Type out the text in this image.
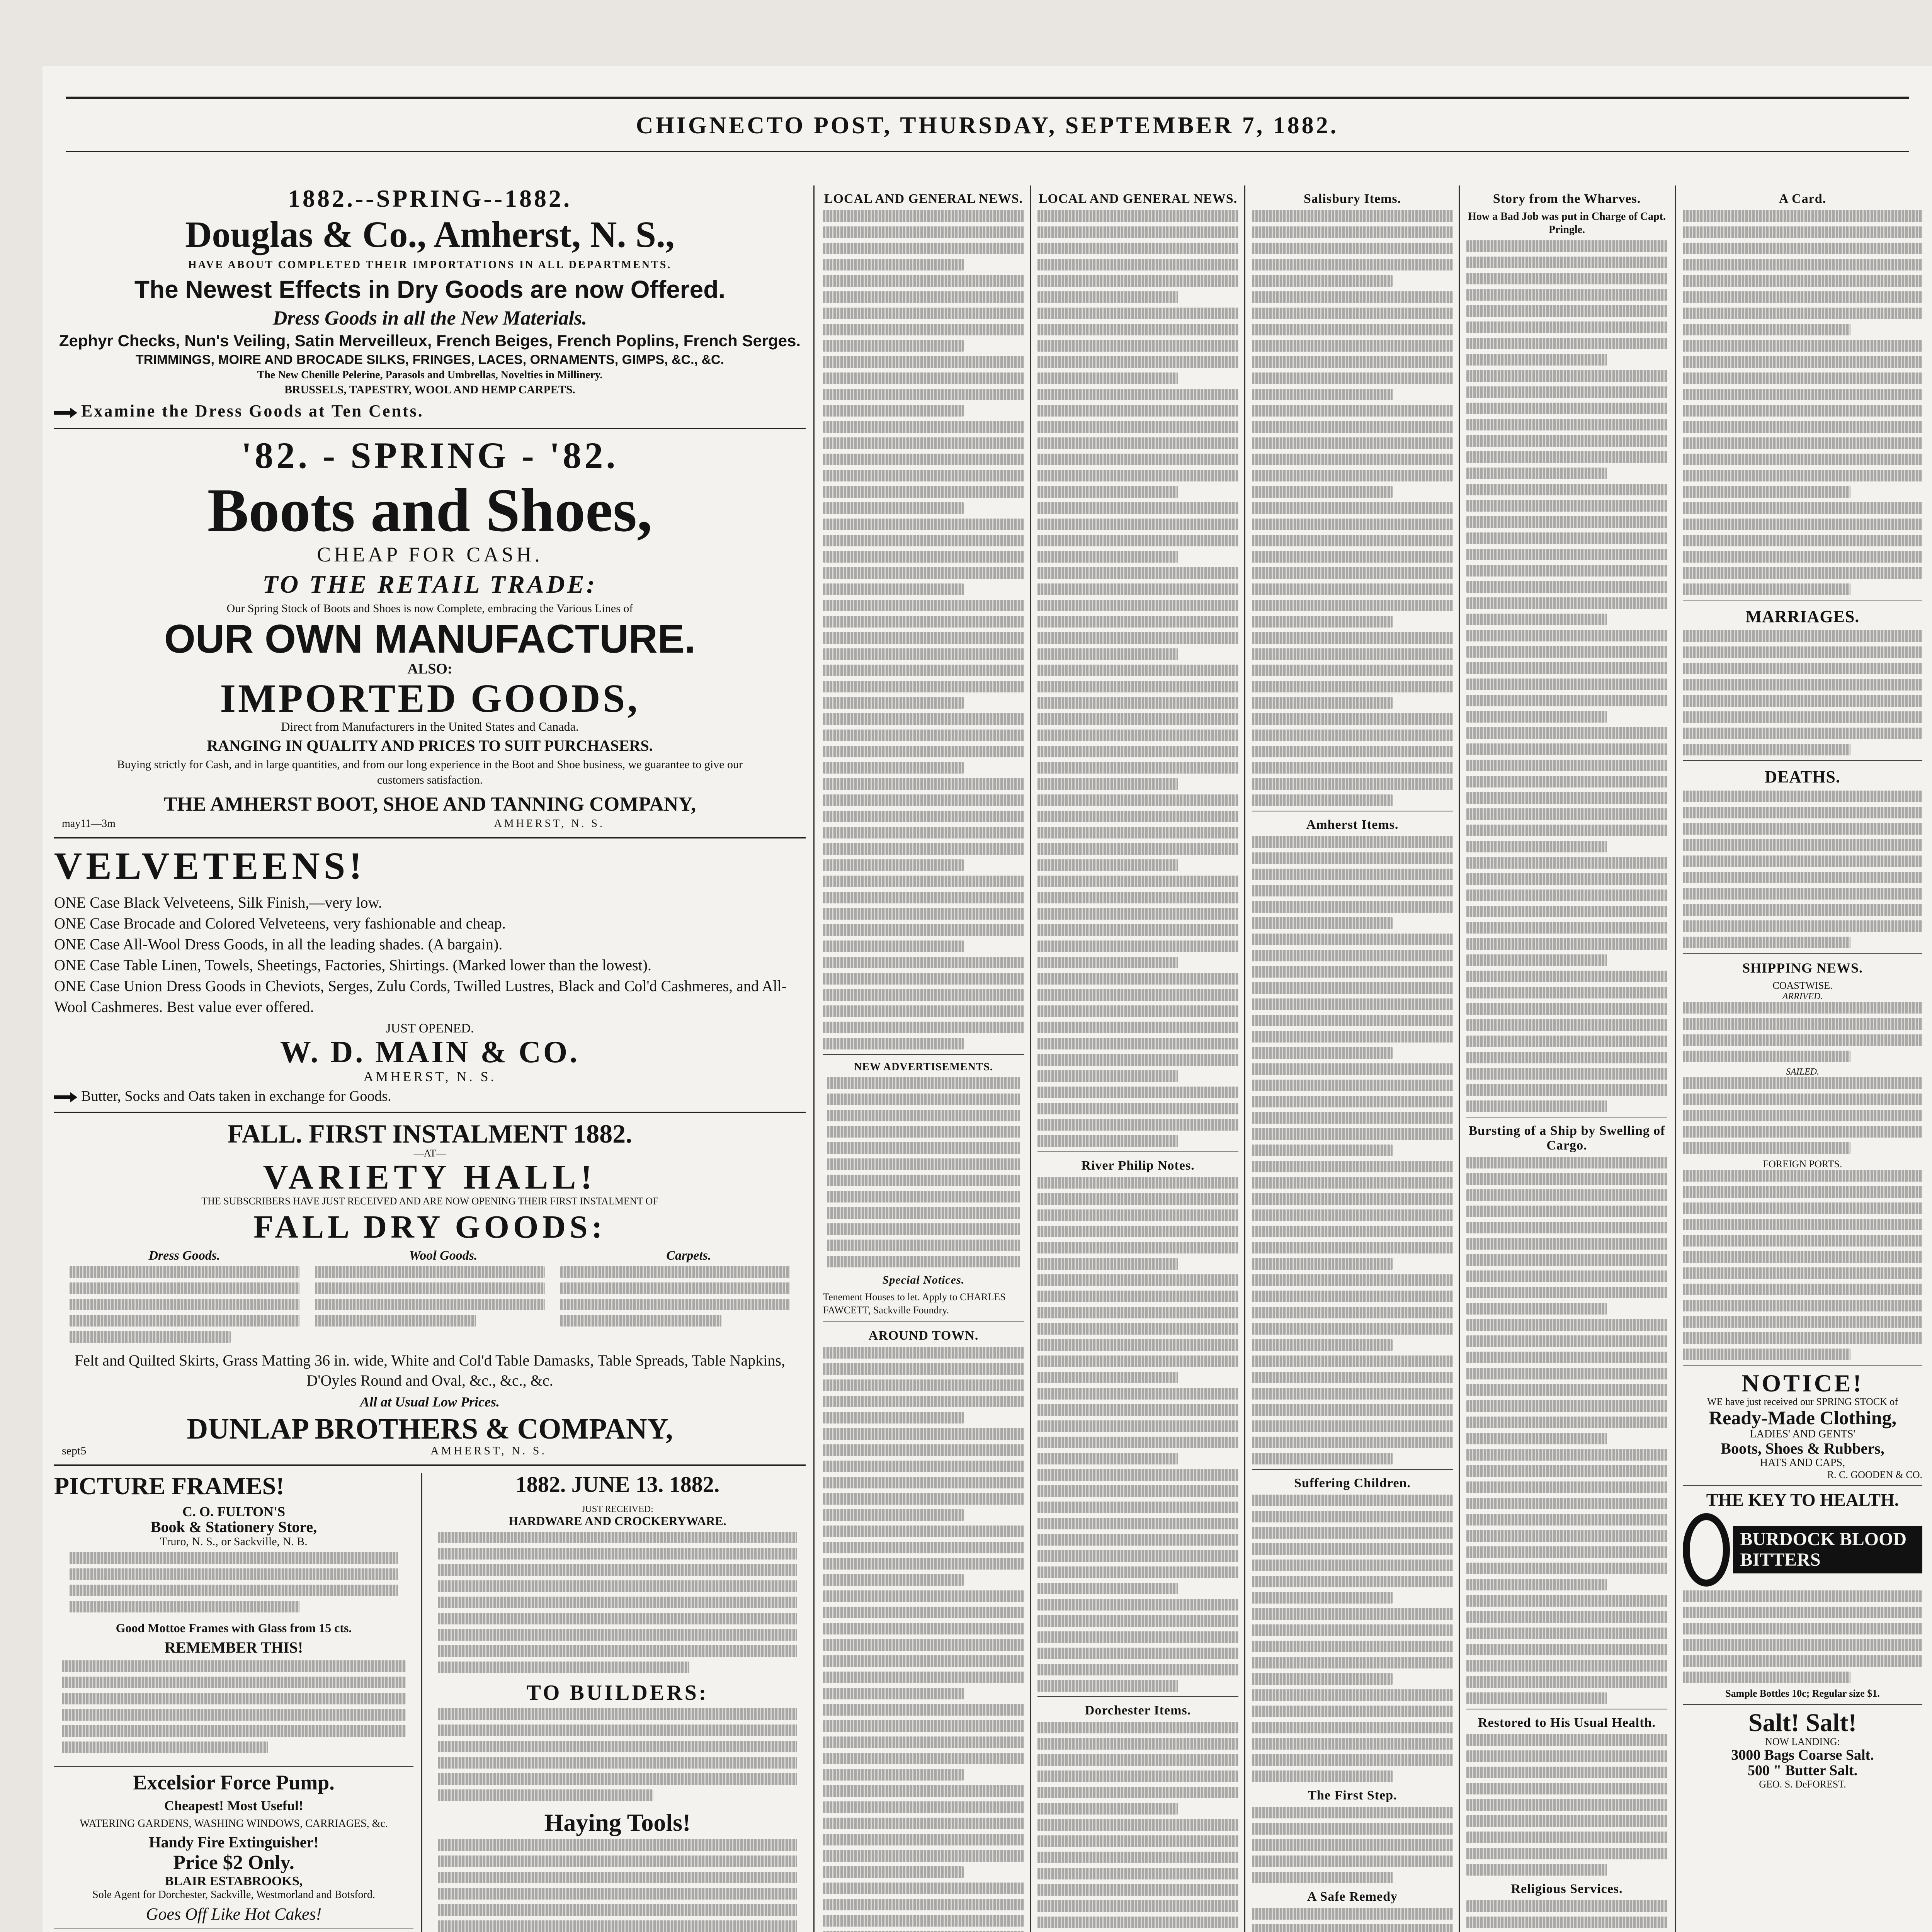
CHIGNECTO POST, THURSDAY, SEPTEMBER 7, 1882.
1882.--SPRING--1882.
Douglas & Co., Amherst, N. S.,
HAVE ABOUT COMPLETED THEIR IMPORTATIONS IN ALL DEPARTMENTS.
The Newest Effects in Dry Goods are now Offered.
Dress Goods in all the New Materials.
Zephyr Checks, Nun's Veiling, Satin Merveilleux, French Beiges, French Poplins, French Serges.
TRIMMINGS, MOIRE AND BROCADE SILKS, FRINGES, LACES, ORNAMENTS, GIMPS, &C., &C.
The New Chenille Pelerine, Parasols and Umbrellas, Novelties in Millinery.
BRUSSELS, TAPESTRY, WOOL AND HEMP CARPETS.
Examine the Dress Goods at Ten Cents.
'82. - SPRING - '82.
Boots and Shoes,
CHEAP FOR CASH.
TO THE RETAIL TRADE:
Our Spring Stock of Boots and Shoes is now Complete, embracing the Various Lines of
OUR OWN MANUFACTURE.
ALSO:
IMPORTED GOODS,
Direct from Manufacturers in the United States and Canada.
RANGING IN QUALITY AND PRICES TO SUIT PURCHASERS.
Buying strictly for Cash, and in large quantities, and from our long experience in the Boot and Shoe business, we guarantee to give our customers satisfaction.
THE AMHERST BOOT, SHOE AND TANNING COMPANY,
may11—3m	AMHERST, N. S.
VELVETEENS!
ONE Case Black Velveteens, Silk Finish,—very low.
ONE Case Brocade and Colored Velveteens, very fashionable and cheap.
ONE Case All-Wool Dress Goods, in all the leading shades. (A bargain).
ONE Case Table Linen, Towels, Sheetings, Factories, Shirtings. (Marked lower than the lowest).
ONE Case Union Dress Goods in Cheviots, Serges, Zulu Cords, Twilled Lustres, Black and Col'd Cashmeres, and All-Wool Cashmeres. Best value ever offered.
JUST OPENED.
W. D. MAIN & CO.
AMHERST, N. S.
Butter, Socks and Oats taken in exchange for Goods.
FALL. FIRST INSTALMENT 1882.
—AT—
VARIETY HALL!
THE SUBSCRIBERS HAVE JUST RECEIVED AND ARE NOW OPENING THEIR FIRST INSTALMENT OF
FALL DRY GOODS:
Dress Goods.	Wool Goods.	Carpets.
Felt and Quilted Skirts, Grass Matting 36 in. wide, White and Col'd Table Damasks, Table Spreads, Table Napkins, D'Oyles Round and Oval, &c., &c., &c.
All at Usual Low Prices.
DUNLAP BROTHERS & COMPANY,
sept5	AMHERST, N. S.
PICTURE FRAMES!
C. O. FULTON'S
Book & Stationery Store,
Truro, N. S., or Sackville, N. B.
Good Mottoe Frames with Glass from 15 cts.
REMEMBER THIS!
Excelsior Force Pump.
Cheapest! Most Useful!
WATERING GARDENS, WASHING WINDOWS, CARRIAGES, &c.
Handy Fire Extinguisher!
Price $2 Only.
BLAIR ESTABROOKS,
Sole Agent for Dorchester, Sackville, Westmorland and Botsford.
Goes Off Like Hot Cakes!
1882. JUNE 13. 1882.
JUST RECEIVED:
HARDWARE AND CROCKERYWARE.
TO BUILDERS:
Haying Tools!
LOCAL AND GENERAL NEWS.
NEW ADVERTISEMENTS.
Special Notices.
Tenement Houses to let. Apply to CHARLES FAWCETT, Sackville Foundry.
AROUND TOWN.
LOCAL AND GENERAL NEWS.
River Philip Notes.
Dorchester Items.
Salisbury Items.
Amherst Items.
Suffering Children.
The First Step.
A Safe Remedy
Story from the Wharves.
How a Bad Job was put in Charge of Capt. Pringle.
Bursting of a Ship by Swelling of Cargo.
Restored to His Usual Health.
Religious Services.
A Card.
MARRIAGES.
DEATHS.
SHIPPING NEWS.
COASTWISE.
ARRIVED.
SAILED.
FOREIGN PORTS.
NOTICE!
WE have just received our SPRING STOCK of
Ready-Made Clothing,
LADIES' AND GENTS'
Boots, Shoes & Rubbers,
HATS AND CAPS,
R. C. GOODEN & CO.
THE KEY TO HEALTH.
BURDOCK BLOOD BITTERS
Sample Bottles 10c; Regular size $1.
Salt! Salt!
NOW LANDING:
3000 Bags Coarse Salt.
500 " Butter Salt.
GEO. S. DeFOREST.
